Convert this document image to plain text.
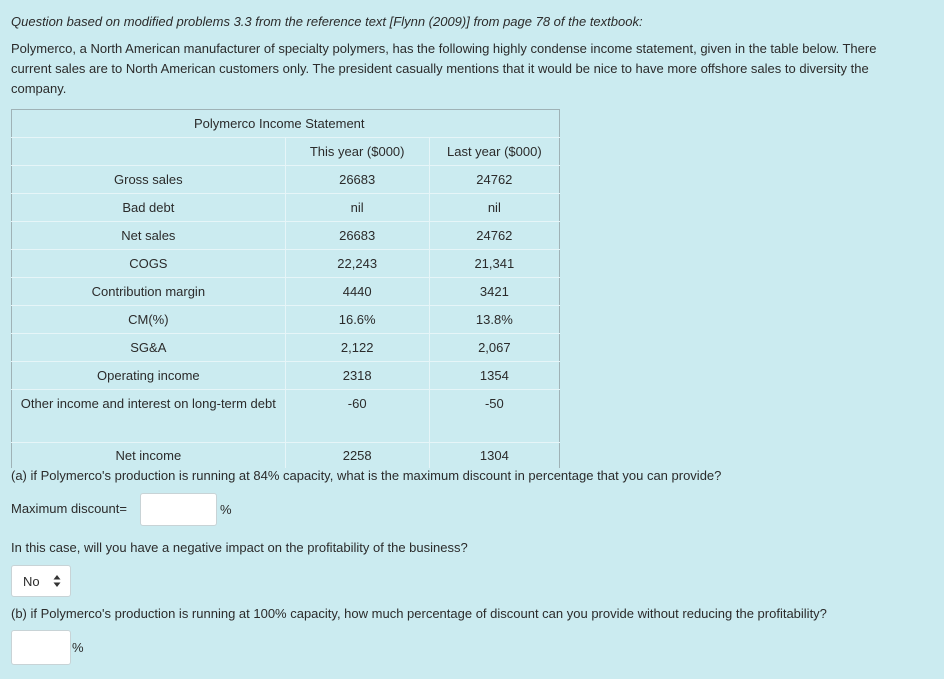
Question based on modified problems 3.3 from the reference text [Flynn (2009)] from page 78 of the textbook:

Polymerco, a North American manufacturer of specialty polymers, has the following highly condense income statement, given in the table below. There current sales are to North American customers only. The president casually mentions that it would be nice to have more offshore sales to diversity the company.

Polymerco Income Statement		
	This year ($000)	Last year ($000)
Gross sales	26683	24762
Bad debt	nil	nil
Net sales	26683	24762
COGS	22,243	21,341
Contribution margin	4440	3421
CM(%)	16.6%	13.8%
SG&A	2,122	2,067
Operating income	2318	1354

Other income and interest on long-term debt	-60	-50
Net income	2258	1304

(a) if Polymerco's production is running at 84% capacity, what is the maximum discount in percentage that you can provide?

Maximum discount=	%

In this case, will you have a negative impact on the profitability of the business?

No

(b) if Polymerco's production is running at 100% capacity, how much percentage of discount can you provide without reducing the profitability?

%
